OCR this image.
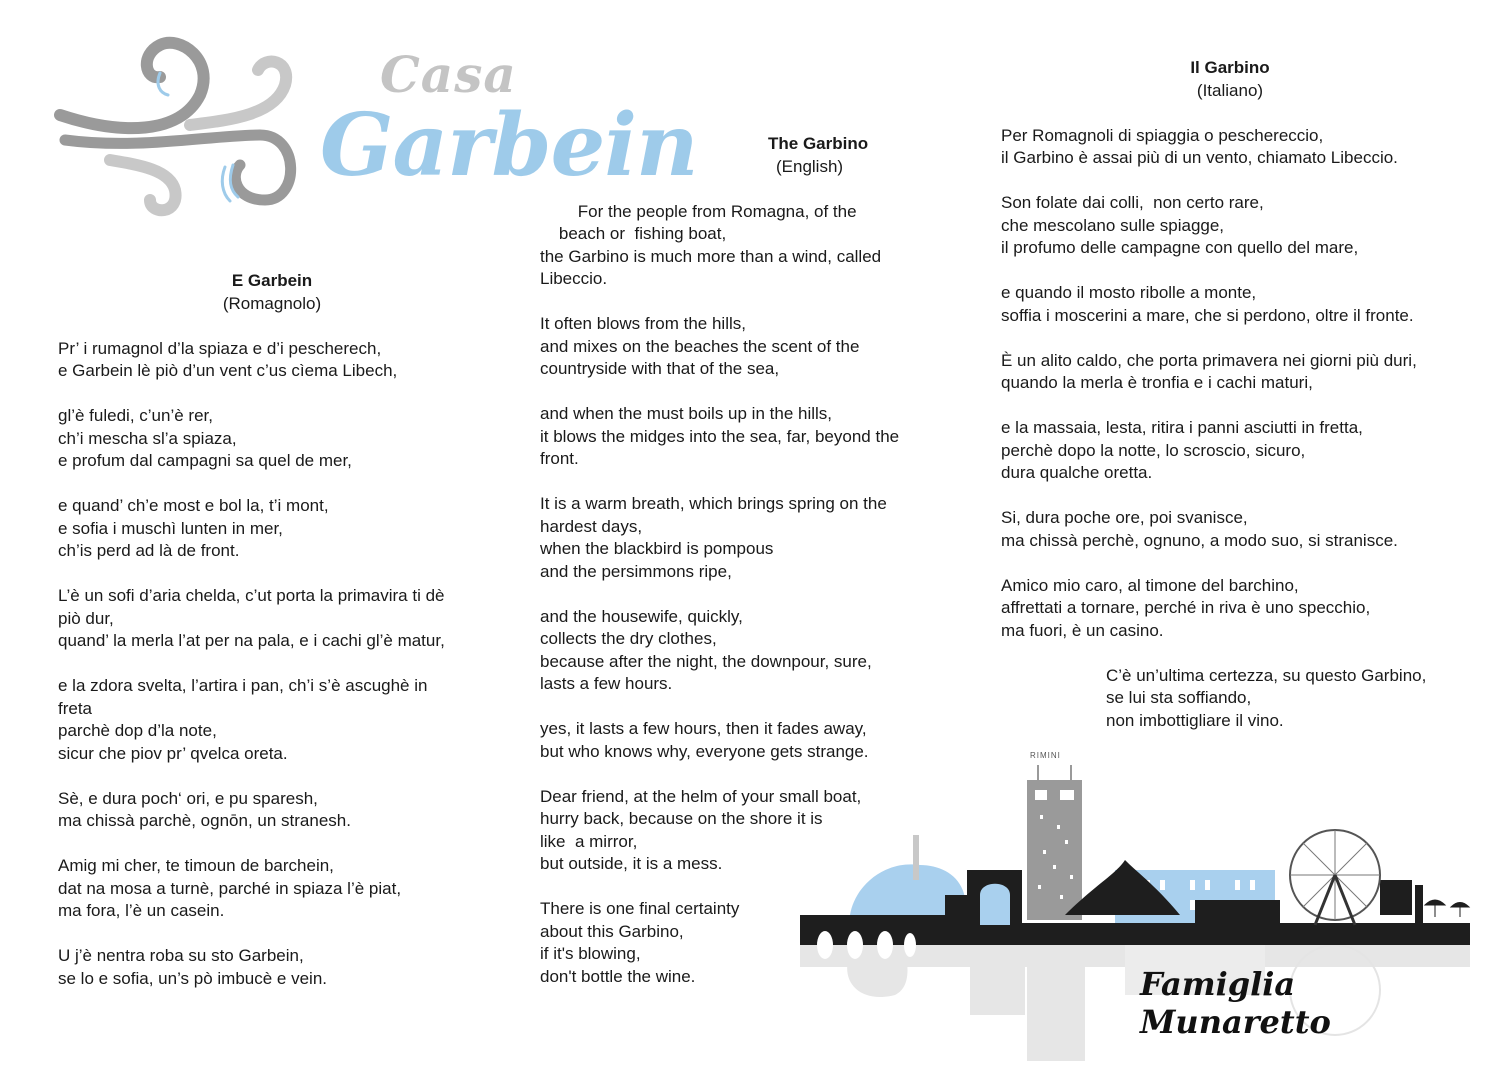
Casa
Garbein
E Garbein
(Romagnolo)
Pr’ i rumagnol d’la spiaza e d’i pescherech,
e Garbein lè piò d’un vent c’us cìema Libech,
gl’è fuledi, c’un’è rer,
ch’i mescha sl’a spiaza,
e profum dal campagni sa quel de mer,
e quand’ ch’e most e bol la, t’i mont,
e sofia i muschì lunten in mer,
ch’is perd ad là de front.
L’è un sofi d’aria chelda, c’ut porta la primavira ti dè
piò dur,
quand’ la merla l’at per na pala, e i cachi gl’è matur,
e la zdora svelta, l’artira i pan, ch’i s’è ascughè in
freta
parchè dop d’la note,
sicur che piov pr’ qvelca oreta.
Sè, e dura poch‘ ori, e pu sparesh,
ma chissà parchè, ognōn, un stranesh.
Amig mi cher, te timoun de barchein,
dat na mosa a turnè, parché in spiaza l’è piat,
ma fora, l’è un casein.
U j’è nentra roba su sto Garbein,
se lo e sofia, un’s pò imbucè e vein.
The Garbino
(English)
For the people from Romagna, of the
beach or  fishing boat,
the Garbino is much more than a wind, called
Libeccio.
It often blows from the hills,
and mixes on the beaches the scent of the
countryside with that of the sea,
and when the must boils up in the hills,
it blows the midges into the sea, far, beyond the
front.
It is a warm breath, which brings spring on the
hardest days,
when the blackbird is pompous
and the persimmons ripe,
and the housewife, quickly,
collects the dry clothes,
because after the night, the downpour, sure,
lasts a few hours.
yes, it lasts a few hours, then it fades away,
but who knows why, everyone gets strange.
Dear friend, at the helm of your small boat,
hurry back, because on the shore it is
like  a mirror,
but outside, it is a mess.
There is one final certainty
about this Garbino,
if it's blowing,
don't bottle the wine.
Il Garbino
(Italiano)
Per Romagnoli di spiaggia o peschereccio,
il Garbino è assai più di un vento, chiamato Libeccio.
Son folate dai colli,  non certo rare,
che mescolano sulle spiagge,
il profumo delle campagne con quello del mare,
e quando il mosto ribolle a monte,
soffia i moscerini a mare, che si perdono, oltre il fronte.
È un alito caldo, che porta primavera nei giorni più duri,
quando la merla è tronfia e i cachi maturi,
e la massaia, lesta, ritira i panni asciutti in fretta,
perchè dopo la notte, lo scroscio, sicuro,
dura qualche oretta.
Si, dura poche ore, poi svanisce,
ma chissà perchè, ognuno, a modo suo, si stranisce.
Amico mio caro, al timone del barchino,
affrettati a tornare, perché in riva è uno specchio,
ma fuori, è un casino.
C’è un’ultima certezza, su questo Garbino,
se lui sta soffiando,
non imbottigliare il vino.
RIMINI
Famiglia Munaretto
